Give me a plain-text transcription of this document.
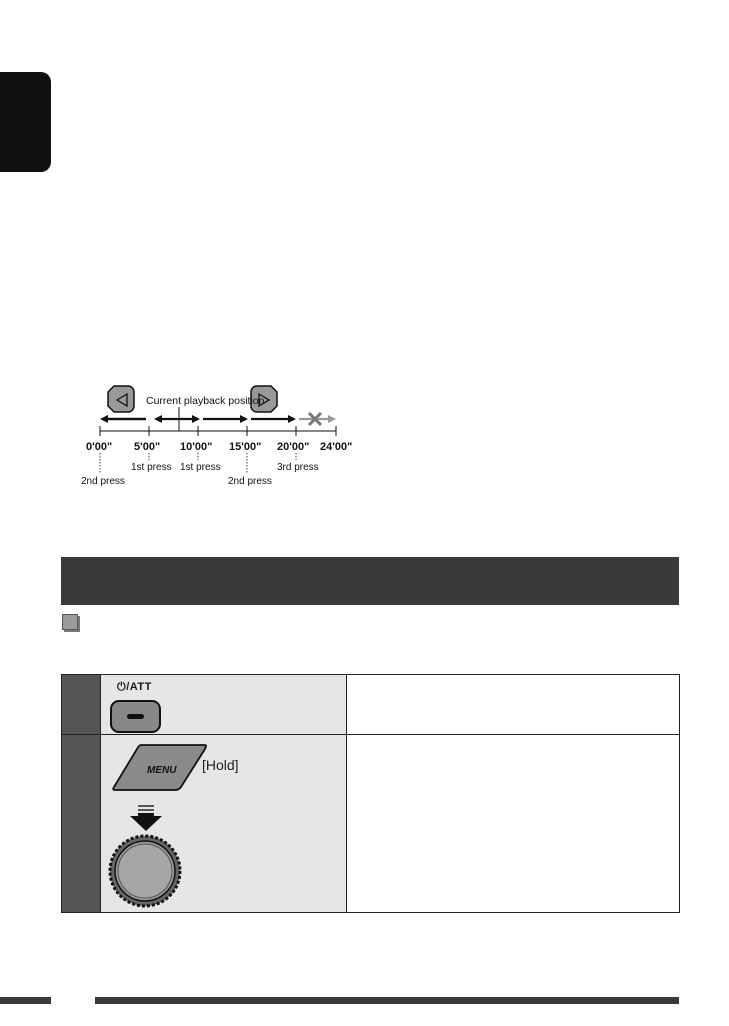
Current playback position
0'00" 5'00" 10'00" 15'00" 20'00" 24'00"
2nd press
1st press 1st press
2nd press
3rd press

	⏻/ATT	

MENU [Hold]	
